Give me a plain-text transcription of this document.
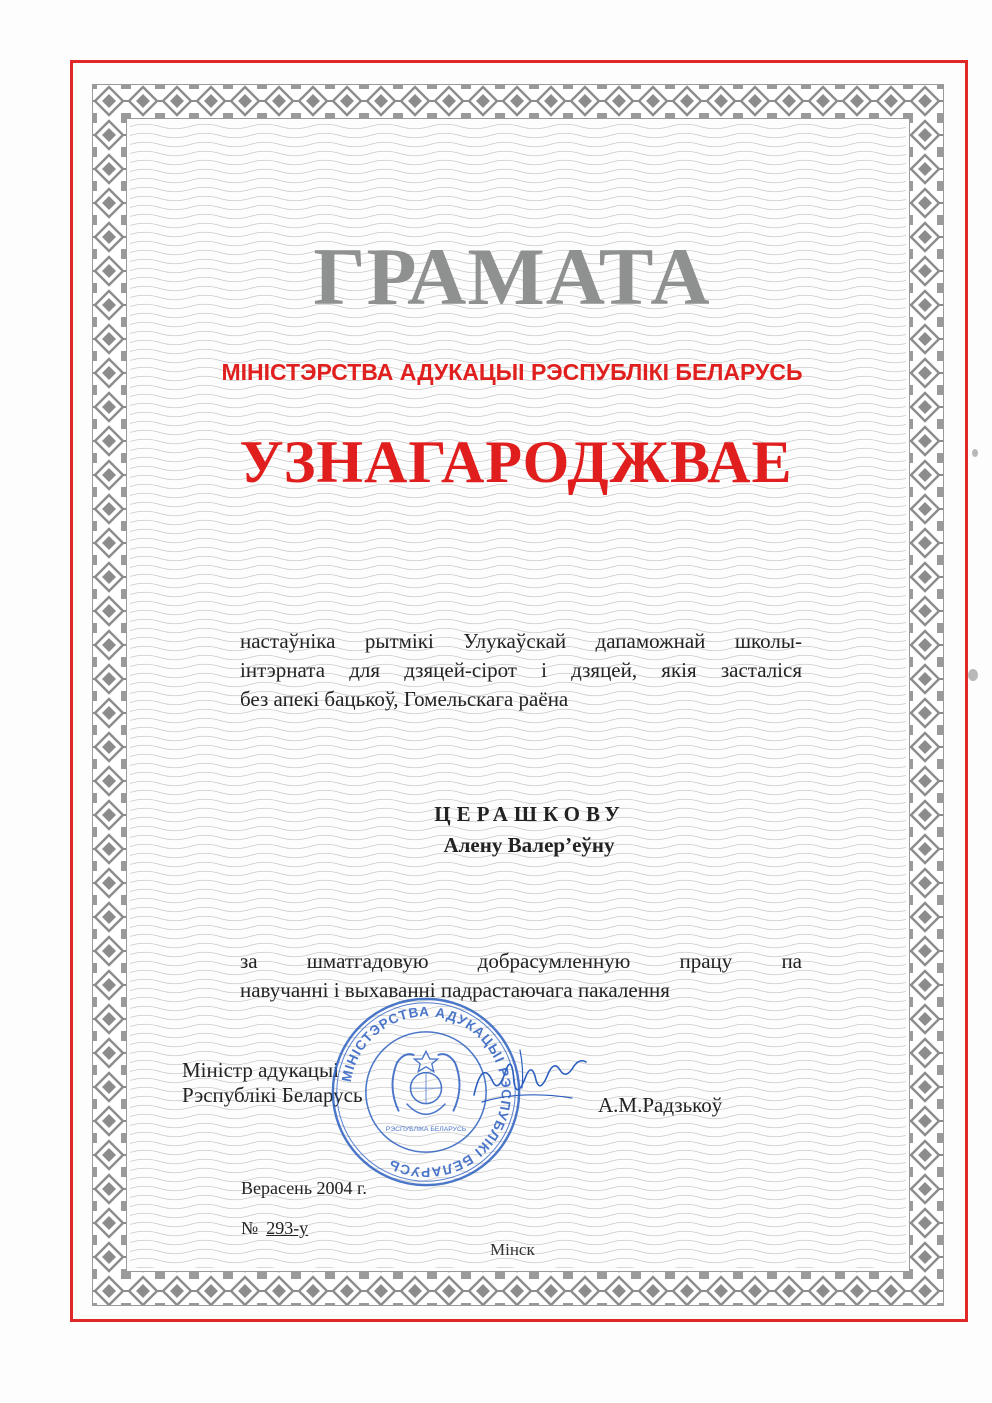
ГРАМАТА
МІНІСТЭРСТВА АДУКАЦЫІ РЭСПУБЛІКІ БЕЛАРУСЬ
УЗНАГАРОДЖВАЕ
настаўніка рытмікі Улукаўскай дапаможнай школы-
інтэрната для дзяцей-сірот і дзяцей, якія засталіся
без апекі бацькоў, Гомельскага раёна
ЦЕРАШКОВУ
Алену Валер’еўну
за шматгадовую добрасумленную працу па
навучанні і выхаванні падрастаючага пакалення
Міністр адукацыі
Рэспублікі Беларусь
МІНІСТЭРСТВА АДУКАЦЫІ РЭСПУБЛІКІ БЕЛАРУСЬ
РЭСПУБЛІКА БЕЛАРУСЬ
А.М.Радзькоў
Верасень 2004 г.
№ 293-у
Мінск
